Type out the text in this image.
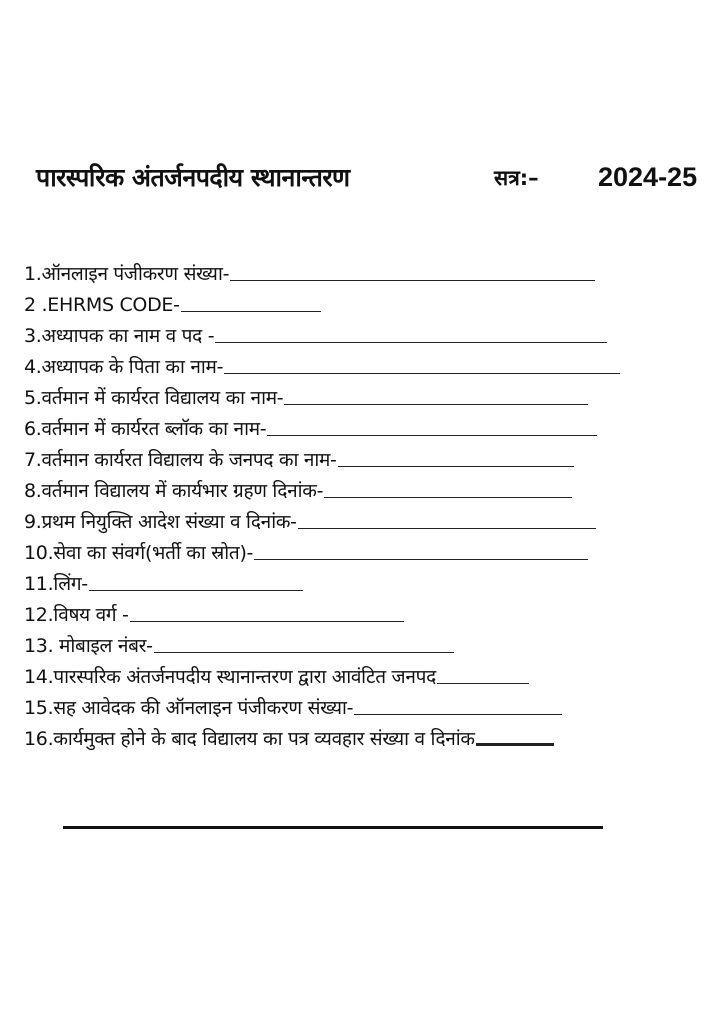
पारस्परिक अंतर्जनपदीय स्थानान्तरण	सत्र:– 2024-25
1.ऑनलाइन पंजीकरण संख्या-
2 .EHRMS CODE-
3.अध्यापक का नाम व पद -
4.अध्यापक के पिता का नाम-
5.वर्तमान में कार्यरत विद्यालय का नाम-
6.वर्तमान में कार्यरत ब्लॉक का नाम-
7.वर्तमान कार्यरत विद्यालय के जनपद का नाम-
8.वर्तमान विद्यालय में कार्यभार ग्रहण दिनांक-
9.प्रथम नियुक्ति आदेश संख्या व दिनांक-
10.सेवा का संवर्ग(भर्ती का स्रोत)-
11.लिंग-
12.विषय वर्ग -
13. मोबाइल नंबर-
14.पारस्परिक अंतर्जनपदीय स्थानान्तरण द्वारा आवंटित जनपद
15.सह आवेदक की ऑनलाइन पंजीकरण संख्या-
16.कार्यमुक्त होने के बाद विद्यालय का पत्र व्यवहार संख्या व दिनांक
